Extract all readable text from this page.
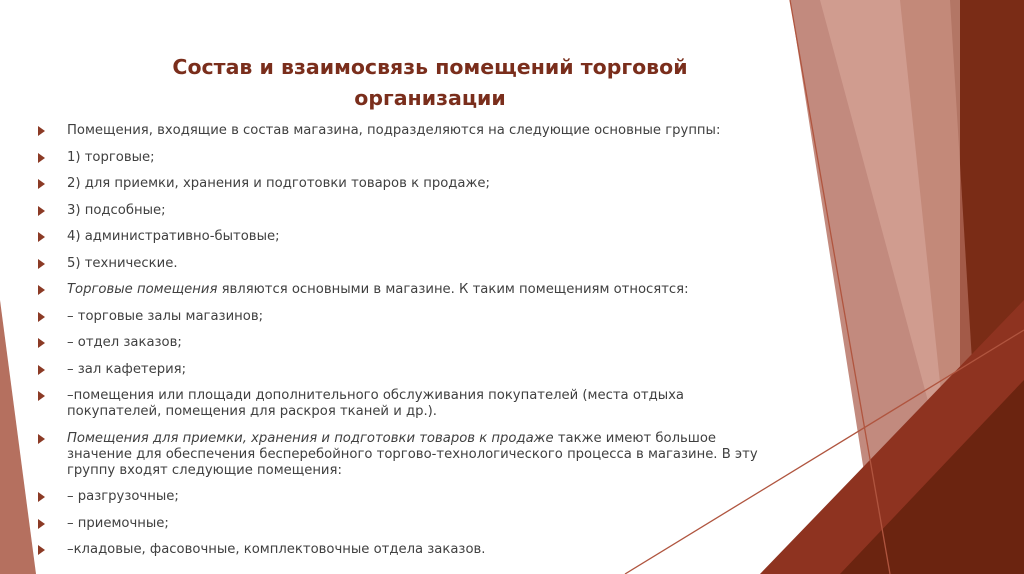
Состав и взаимосвязь помещений торговой
организации
Помещения, входящие в состав магазина, подразделяются на следующие основные группы:
1) торговые;
2) для приемки, хранения и подготовки товаров к продаже;
3) подсобные;
4) административно-бытовые;
5) технические.
Торговые помещения являются основными в магазине. К таким помещениям относятся:
– торговые залы магазинов;
– отдел заказов;
– зал кафетерия;
–помещения или площади дополнительного обслуживания покупателей (места отдыха покупателей, помещения для раскроя тканей и др.).
Помещения для приемки, хранения и подготовки товаров к продаже также имеют большое значение для обеспечения бесперебойного торгово-технологического процесса в магазине. В эту группу входят следующие помещения:
– разгрузочные;
– приемочные;
–кладовые, фасовочные, комплектовочные отдела заказов.
